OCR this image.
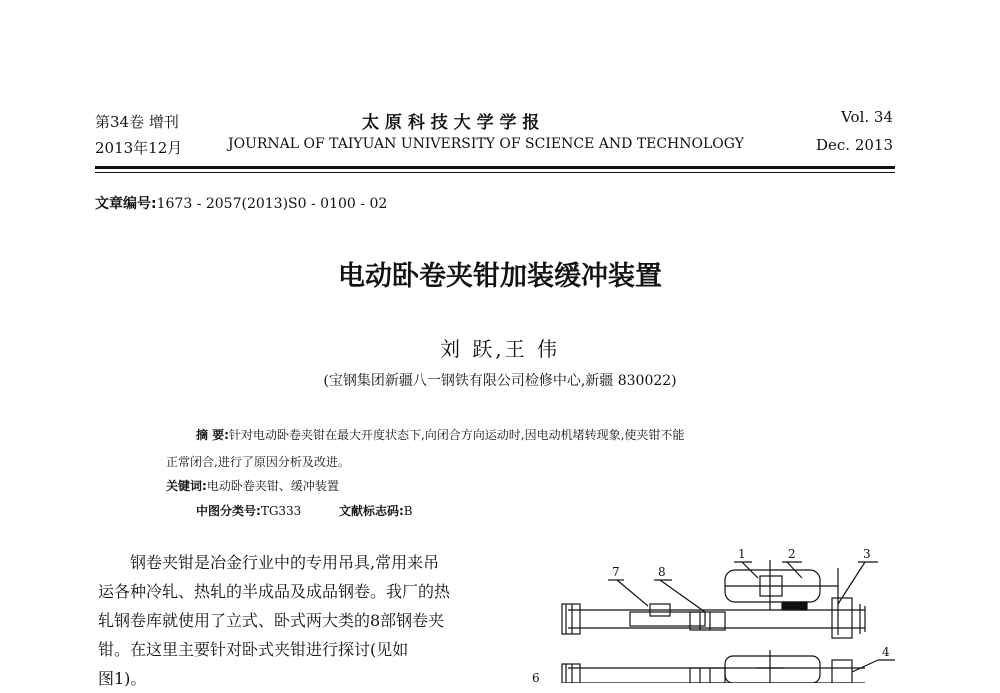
第34卷 增刊
2013年12月
太 原 科 技 大 学 学 报
JOURNAL OF TAIYUAN UNIVERSITY OF SCIENCE AND TECHNOLOGY
Vol. 34
Dec. 2013
文章编号:1673 - 2057(2013)S0 - 0100 - 02
电动卧卷夹钳加装缓冲装置
刘 跃,王 伟
(宝钢集团新疆八一钢铁有限公司检修中心,新疆 830022)
摘 要:针对电动卧卷夹钳在最大开度状态下,向闭合方向运动时,因电动机堵转现象,使夹钳不能
正常闭合,进行了原因分析及改进。
关键词:电动卧卷夹钳、缓冲装置
中图分类号:TG333	文献标志码:B
钢卷夹钳是冶金行业中的专用吊具,常用来吊
运各种冷轧、热轧的半成品及成品钢卷。我厂的热
轧钢卷库就使用了立式、卧式两大类的8部钢卷夹
钳。在这里主要针对卧式夹钳进行探讨(见如
图1)。
1	2	3
4
6
7	8
